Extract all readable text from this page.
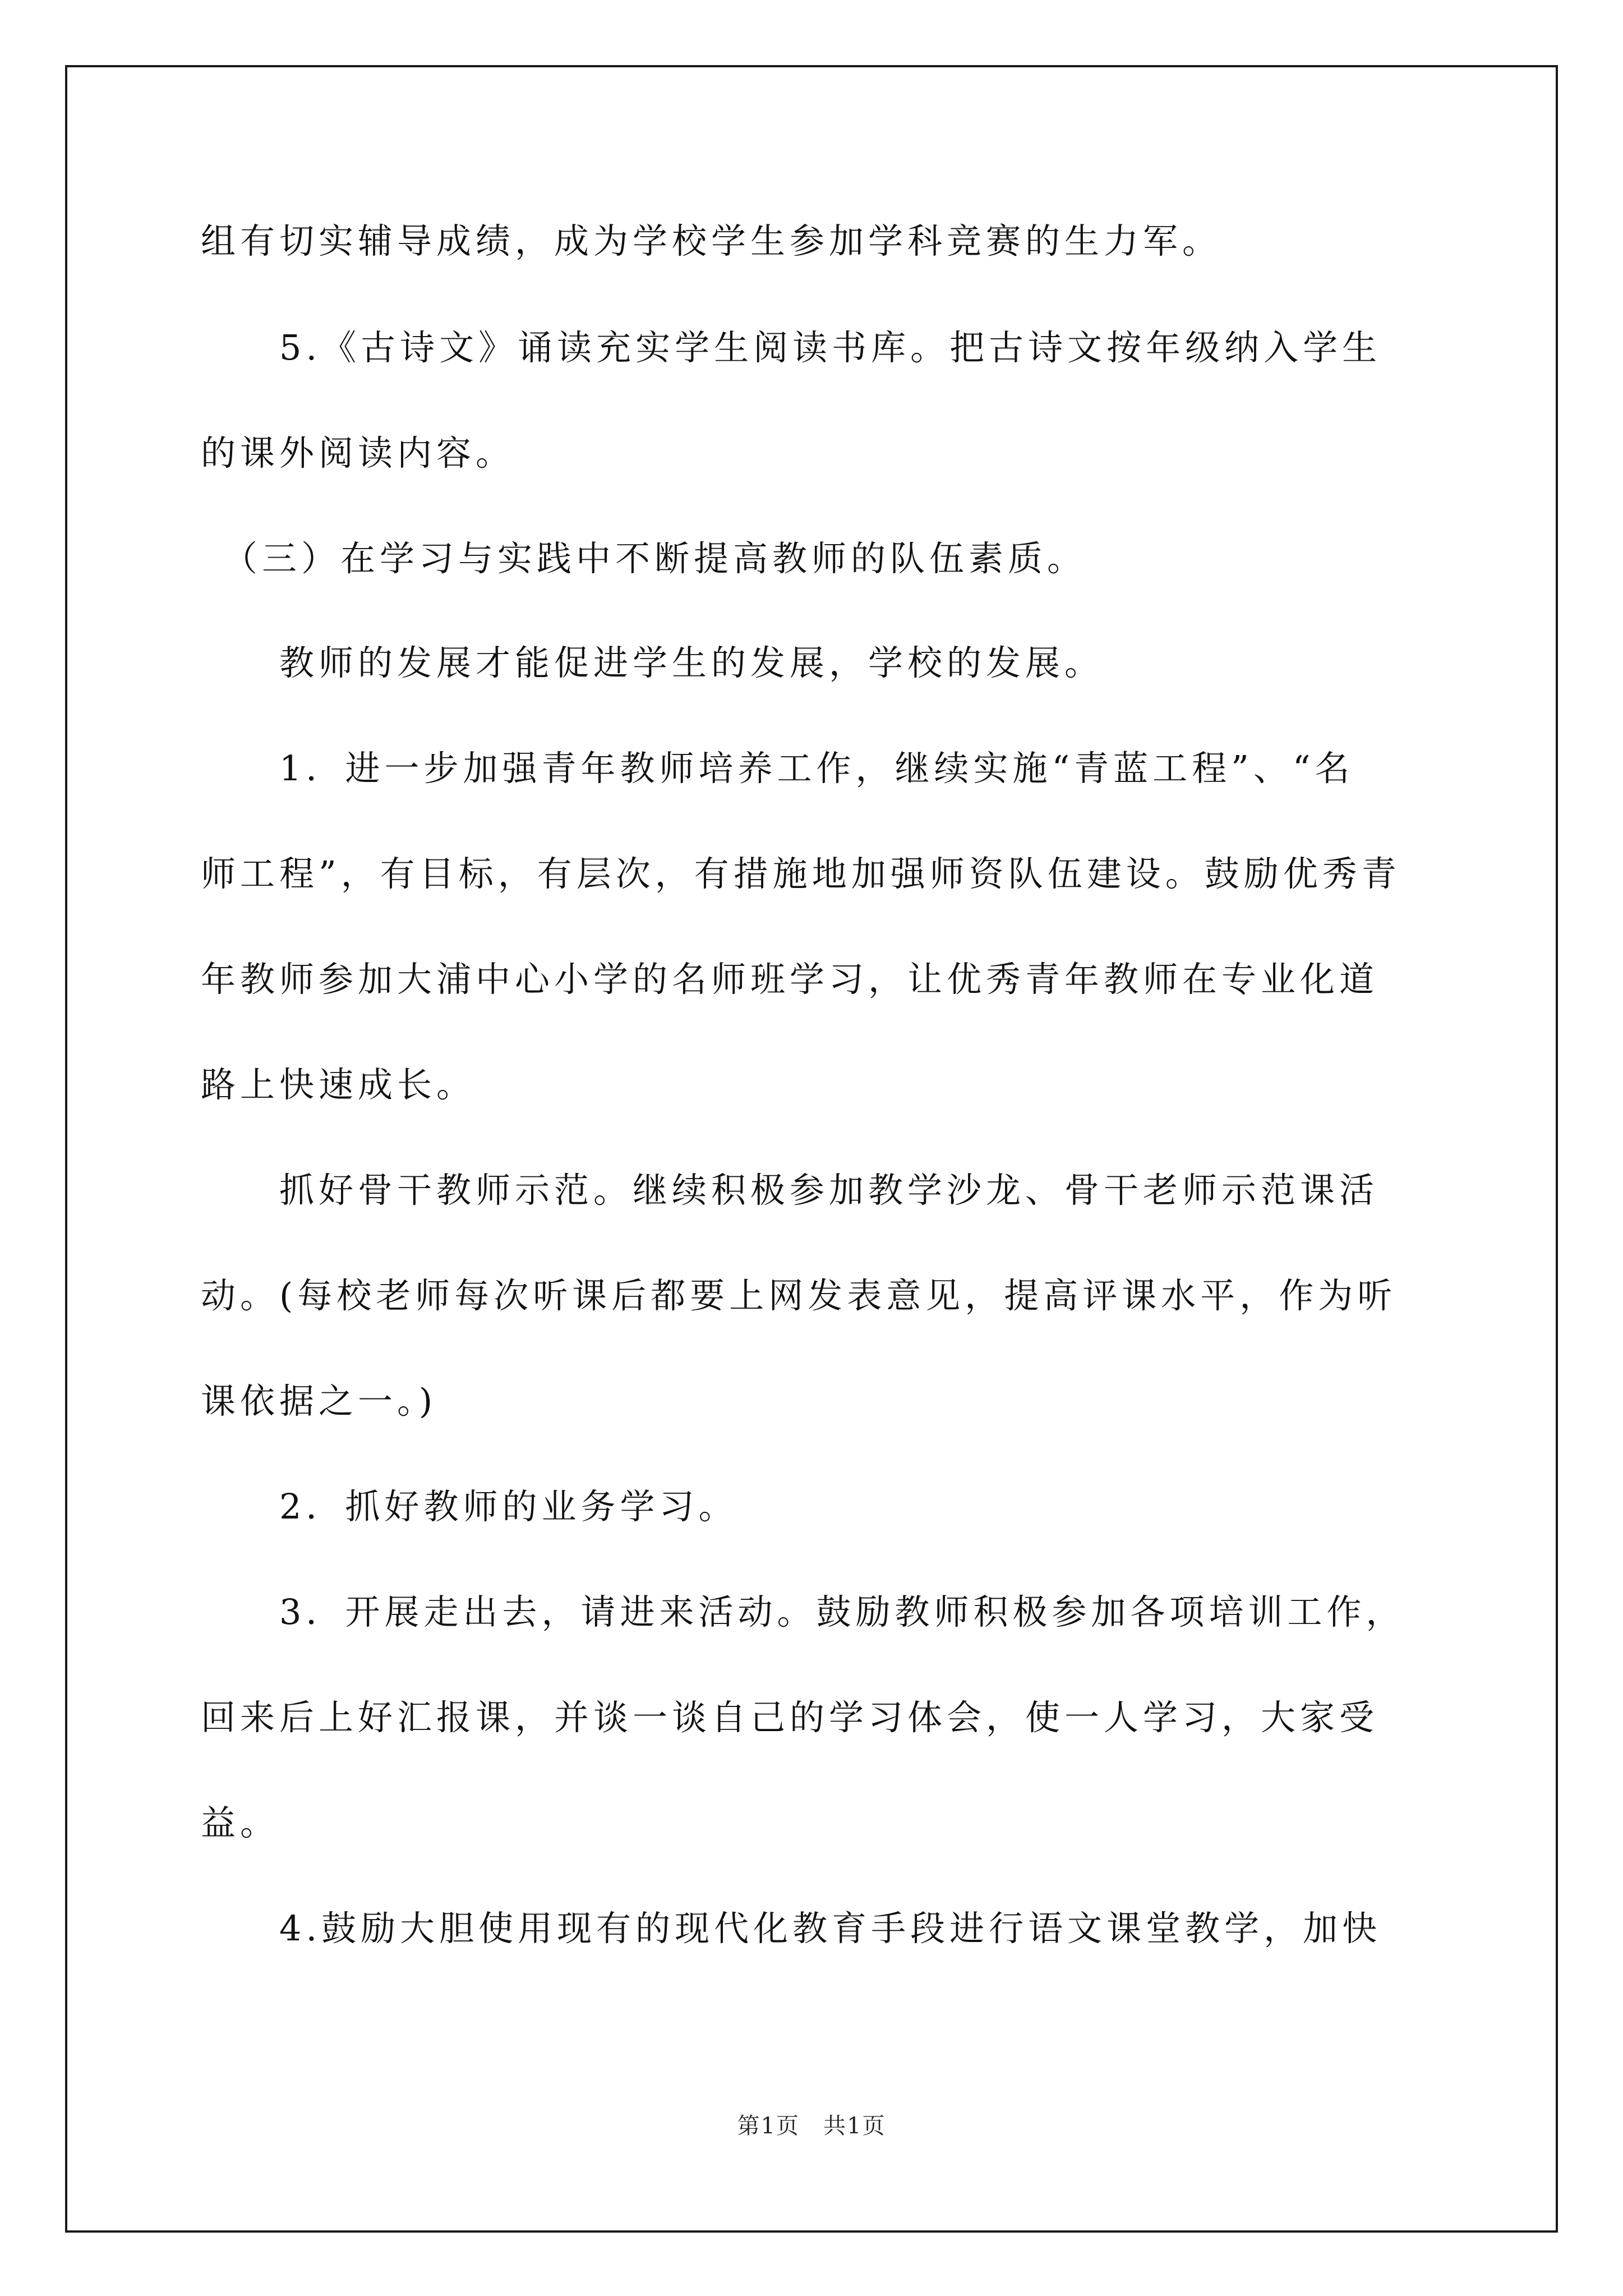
组有切实辅导成绩，成为学校学生参加学科竞赛的生力军。
　　5.《古诗文》诵读充实学生阅读书库。把古诗文按年级纳入学生
的课外阅读内容。
　（三）在学习与实践中不断提高教师的队伍素质。
　　教师的发展才能促进学生的发展，学校的发展。
　　1．进一步加强青年教师培养工作，继续实施“青蓝工程”、“名
师工程”，有目标，有层次，有措施地加强师资队伍建设。鼓励优秀青
年教师参加大浦中心小学的名师班学习，让优秀青年教师在专业化道
路上快速成长。
　　抓好骨干教师示范。继续积极参加教学沙龙、骨干老师示范课活
动。(每校老师每次听课后都要上网发表意见，提高评课水平，作为听
课依据之一。)
　　2．抓好教师的业务学习。
　　3．开展走出去，请进来活动。鼓励教师积极参加各项培训工作，
回来后上好汇报课，并谈一谈自己的学习体会，使一人学习，大家受
益。
　　4.鼓励大胆使用现有的现代化教育手段进行语文课堂教学，加快
第1页　共1页
